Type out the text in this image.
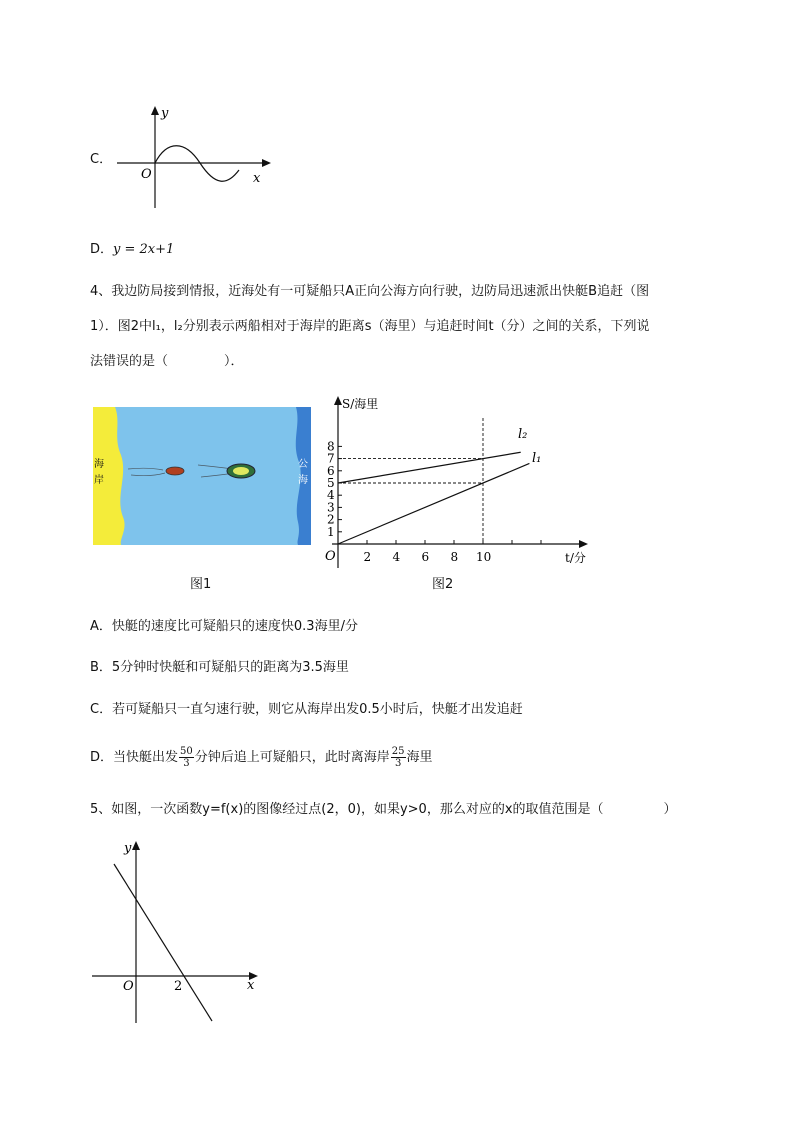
C．
y
x
O
D．y = 2x+1
4、我边防局接到情报，近海处有一可疑船只A正向公海方向行驶，边防局迅速派出快艇B追赶（图
1）．图2中l₁，l₂分别表示两船相对于海岸的距离s（海里）与追赶时间t（分）之间的关系，下列说
法错误的是（	）．
海岸
公海
图1
1
2
3
4
5
6
7
8
2 4 6 8 10
S/海里
t/分
O
l₂
l₁
图2
A．快艇的速度比可疑船只的速度快0.3海里/分
B．5分钟时快艇和可疑船只的距离为3.5海里
C．若可疑船只一直匀速行驶，则它从海岸出发0.5小时后，快艇才出发追赶
D．当快艇出发 $\frac{50}{3}$ 分钟后追上可疑船只，此时离海岸 $\frac{25}{3}$ 海里
5、如图，一次函数y=f(x)的图像经过点(2，0)，如果y>0，那么对应的x的取值范围是（	）
y
x
O	2
